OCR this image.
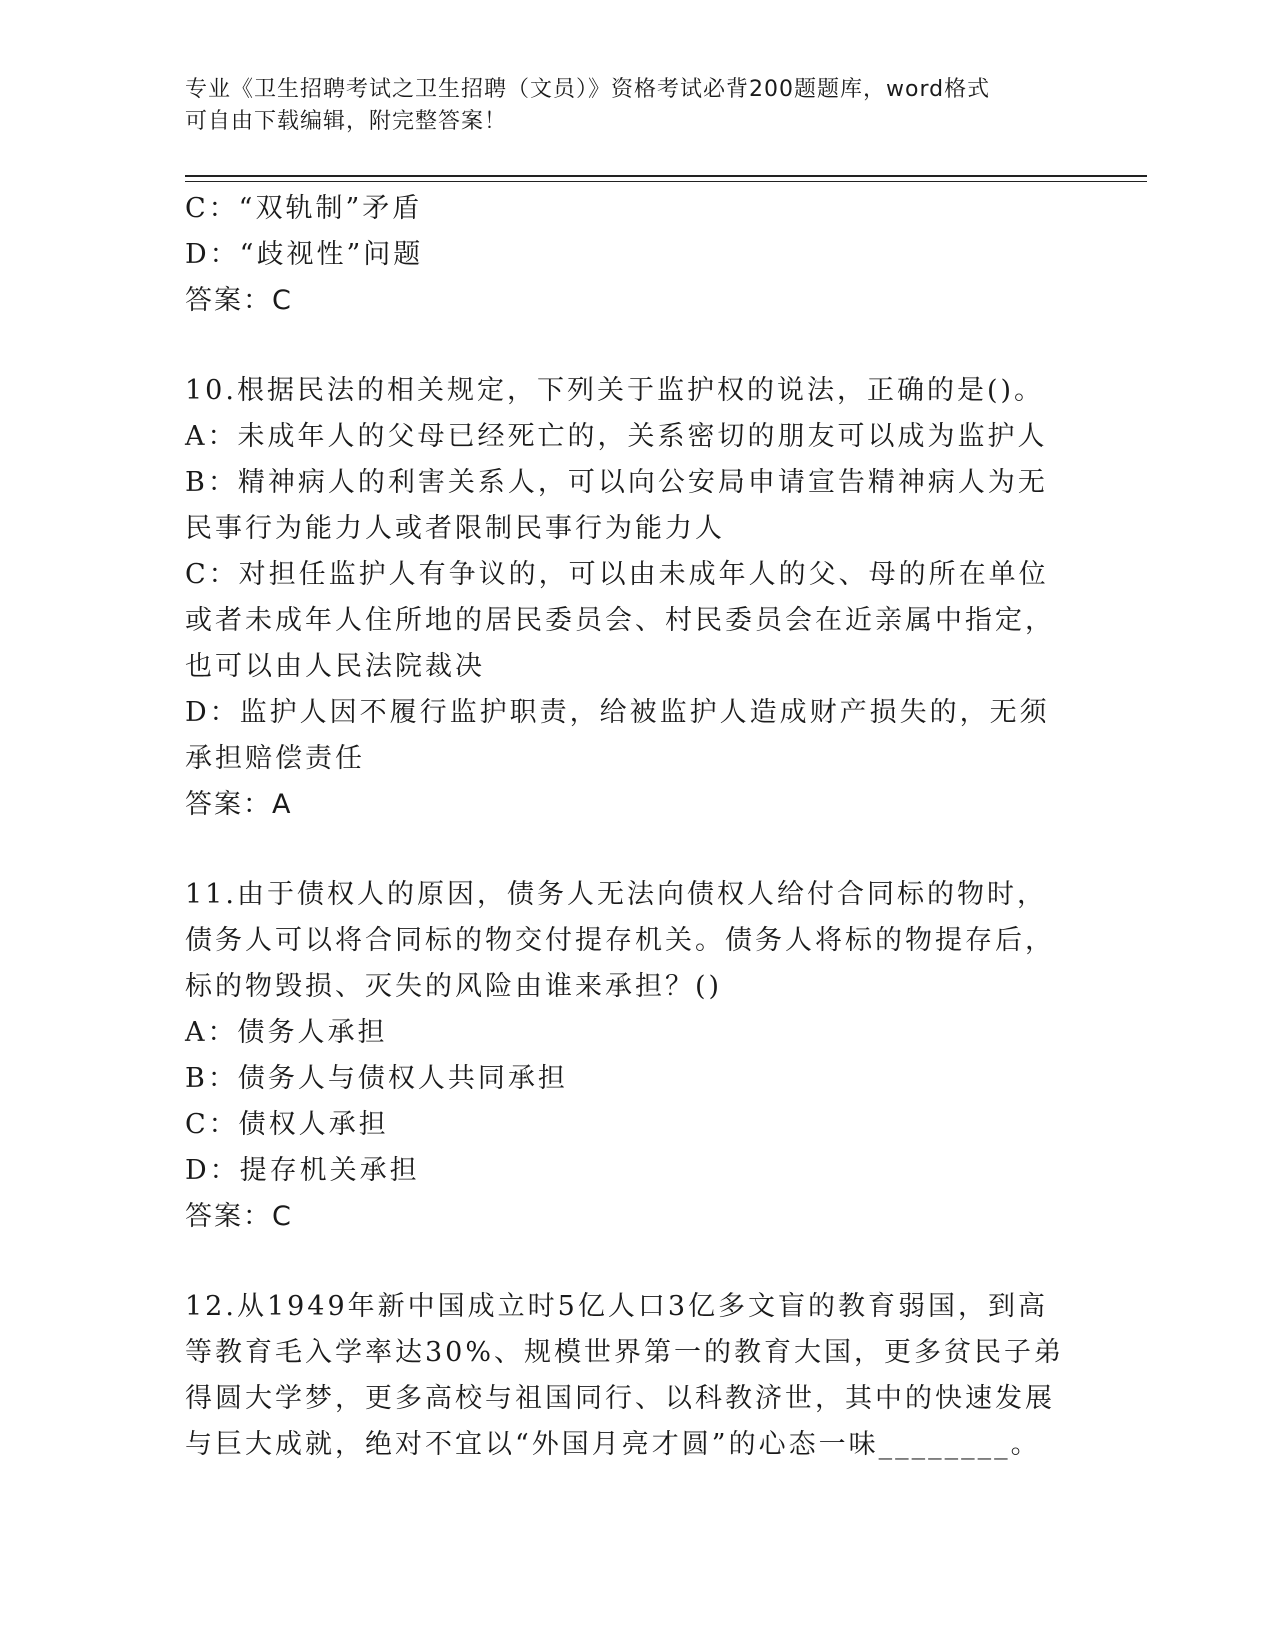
专业《卫生招聘考试之卫生招聘（文员）》资格考试必背200题题库，word格式
可自由下载编辑，附完整答案！

C：“双轨制”矛盾

D：“歧视性”问题

答案：C

10.根据民法的相关规定，下列关于监护权的说法，正确的是()。

A：未成年人的父母已经死亡的，关系密切的朋友可以成为监护人

B：精神病人的利害关系人，可以向公安局申请宣告精神病人为无民事行为能力人或者限制民事行为能力人

C：对担任监护人有争议的，可以由未成年人的父、母的所在单位或者未成年人住所地的居民委员会、村民委员会在近亲属中指定，也可以由人民法院裁决

D：监护人因不履行监护职责，给被监护人造成财产损失的，无须承担赔偿责任

答案：A

11.由于债权人的原因，债务人无法向债权人给付合同标的物时，债务人可以将合同标的物交付提存机关。债务人将标的物提存后，标的物毁损、灭失的风险由谁来承担？()

A：债务人承担

B：债务人与债权人共同承担

C：债权人承担

D：提存机关承担

答案：C

12.从1949年新中国成立时5亿人口3亿多文盲的教育弱国，到高等教育毛入学率达30%、规模世界第一的教育大国，更多贫民子弟得圆大学梦，更多高校与祖国同行、以科教济世，其中的快速发展与巨大成就，绝对不宜以“外国月亮才圆”的心态一味________。
